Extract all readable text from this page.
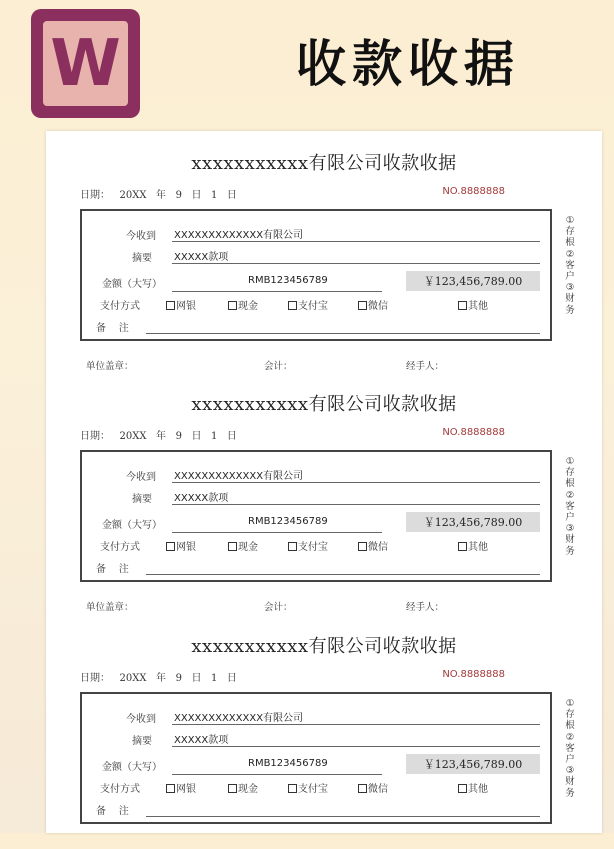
W	收款收据
xxxxxxxxxxx有限公司收款收据
日期：   20XX   年   9   日   1   日	NO.8888888
今收到 XXXXXXXXXXXXX有限公司
摘要 XXXXX款项
金额（大写）	RMB123456789	￥123,456,789.00
支付方式	网银	现金	支付宝	微信	其他
备    注
①
存
根
②
客
户
③
财
务
单位盖章：	会计：	经手人：
xxxxxxxxxxx有限公司收款收据
日期：   20XX   年   9   日   1   日	NO.8888888
今收到 XXXXXXXXXXXXX有限公司
摘要 XXXXX款项
金额（大写）	RMB123456789	￥123,456,789.00
支付方式	网银	现金	支付宝	微信	其他
备    注
①
存
根
②
客
户
③
财
务
单位盖章：	会计：	经手人：
xxxxxxxxxxx有限公司收款收据
日期：   20XX   年   9   日   1   日	NO.8888888
今收到 XXXXXXXXXXXXX有限公司
摘要 XXXXX款项
金额（大写）	RMB123456789	￥123,456,789.00
支付方式	网银	现金	支付宝	微信	其他
备    注
①
存
根
②
客
户
③
财
务
